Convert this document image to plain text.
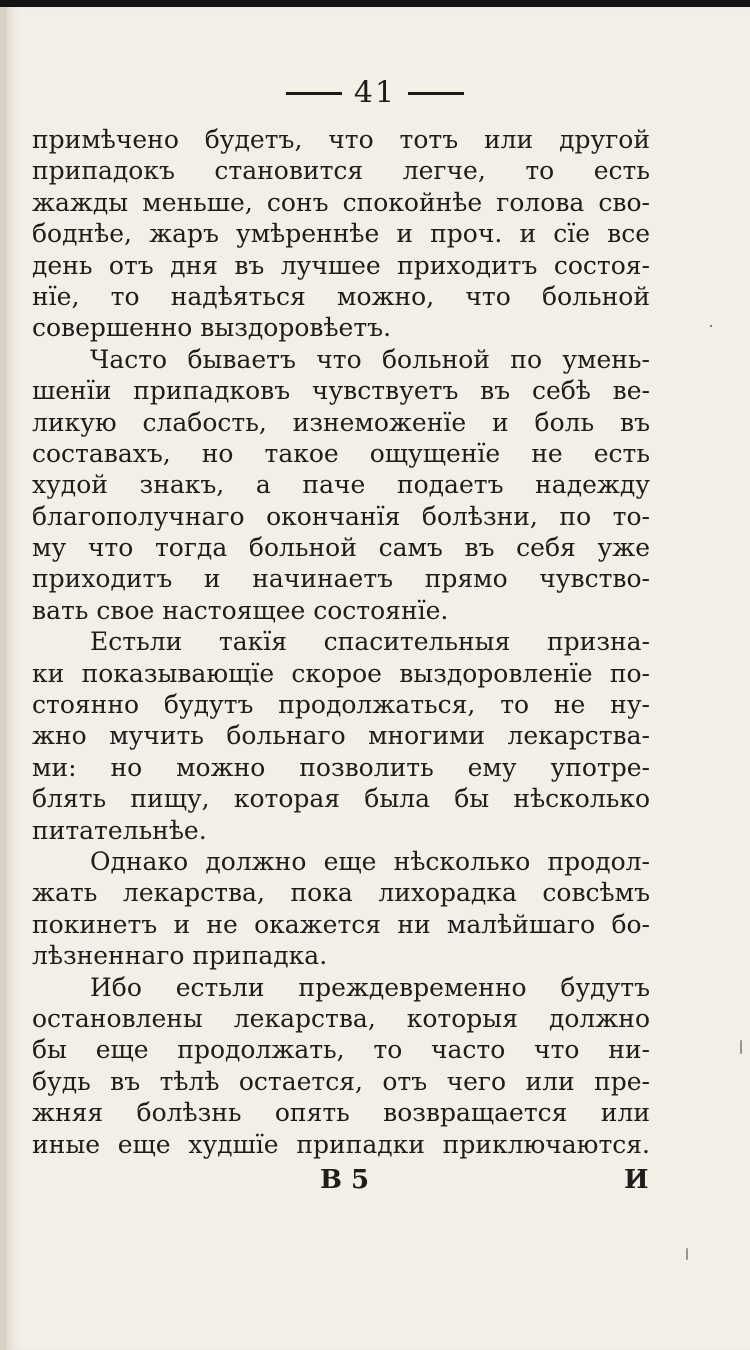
41
примѣчено будетъ, что тотъ или другой
припадокъ становится легче, то есть
жажды меньше, сонъ спокойнѣе голова сво-
боднѣе, жаръ умѣреннѣе и проч. и сїе все
день отъ дня въ лучшее приходитъ состоя-
нїе, то надѣяться можно, что больной
совершенно выздоровѣетъ.
Часто бываетъ что больной по умень-
шенїи припадковъ чувствуетъ въ себѣ ве-
ликую слабость, изнеможенїе и боль въ
составахъ, но такое ощущенїе не есть
худой знакъ, а паче подаетъ надежду
благополучнаго окончанїя болѣзни, по то-
му что тогда больной самъ въ себя уже
приходитъ и начинаетъ прямо чувство-
вать свое настоящее состоянїе.
Естьли такїя спасительныя призна-
ки показывающїе скорое выздоровленїе по-
стоянно будутъ продолжаться, то не ну-
жно мучить больнаго многими лекарства-
ми: но можно позволить ему употре-
блять пищу, которая была бы нѣсколько
питательнѣе.
Однако должно еще нѣсколько продол-
жать лекарства, пока лихорадка совсѣмъ
покинетъ и не окажется ни малѣйшаго бо-
лѣзненнаго припадка.
Ибо естьли преждевременно будутъ
остановлены лекарства, которыя должно
бы еще продолжать, то часто что ни-
будь въ тѣлѣ остается, отъ чего или пре-
жняя болѣзнь опять возвращается или
иные еще худшїе припадки приключаются.
В 5	И
